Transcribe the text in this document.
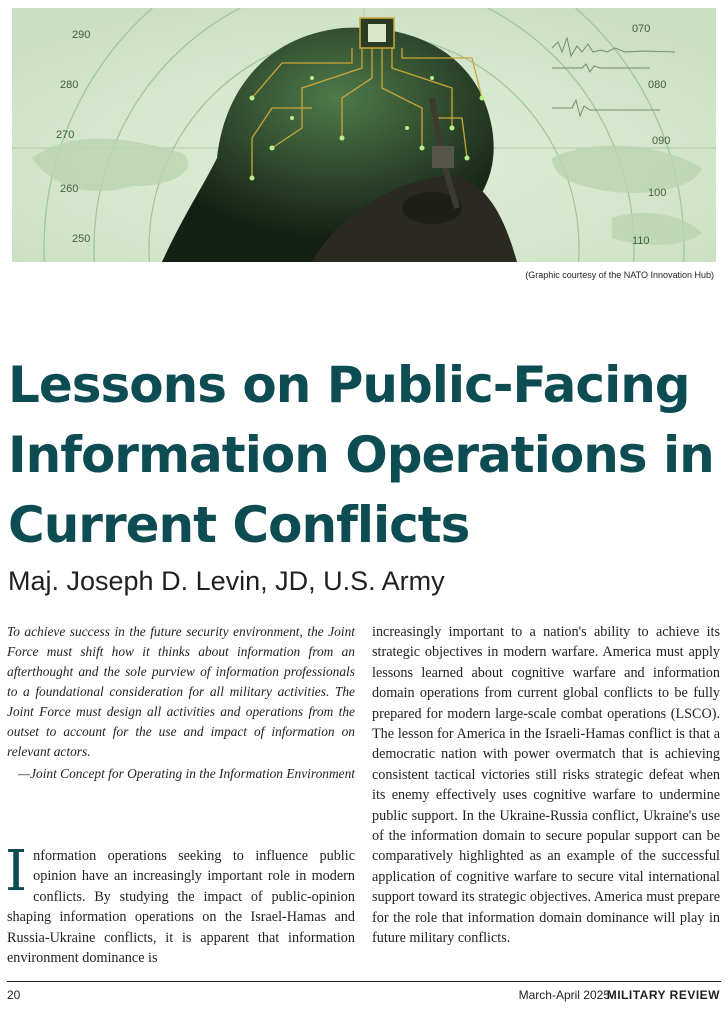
290
280
270
260
250
070
080
090
100
110
(Graphic courtesy of the NATO Innovation Hub)
Lessons on Public-Facing
Information Operations in
Current Conflicts
Maj. Joseph D. Levin, JD, U.S. Army

To achieve success in the future security environment, the Joint Force must shift how it thinks about information from an afterthought and the sole purview of information professionals to a foundational consideration for all military activities. The Joint Force must design all activities and operations from the outset to account for the use and impact of information on relevant actors.

—Joint Concept for Operating in the Information Environment

Information operations seeking to influence public opinion have an increasingly important role in modern conflicts. By studying the impact of public-opinion shaping information operations on the Israel-Hamas and Russia-Ukraine conflicts, it is apparent that information environment dominance is

increasingly important to a nation's ability to achieve its strategic objectives in modern warfare. America must apply lessons learned about cognitive warfare and information domain operations from current global conflicts to be fully prepared for modern large-scale combat operations (LSCO). The lesson for America in the Israeli-Hamas conflict is that a democratic nation with power overmatch that is achieving consistent tactical victories still risks strategic defeat when its enemy effectively uses cognitive warfare to undermine public support. In the Ukraine-Russia conflict, Ukraine's use of the information domain to secure popular support can be comparatively highlighted as an example of the successful application of cognitive warfare to secure vital international support toward its strategic objectives. America must prepare for the role that information domain dominance will play in future military conflicts.

20	March-April 2025
MILITARY REVIEW
